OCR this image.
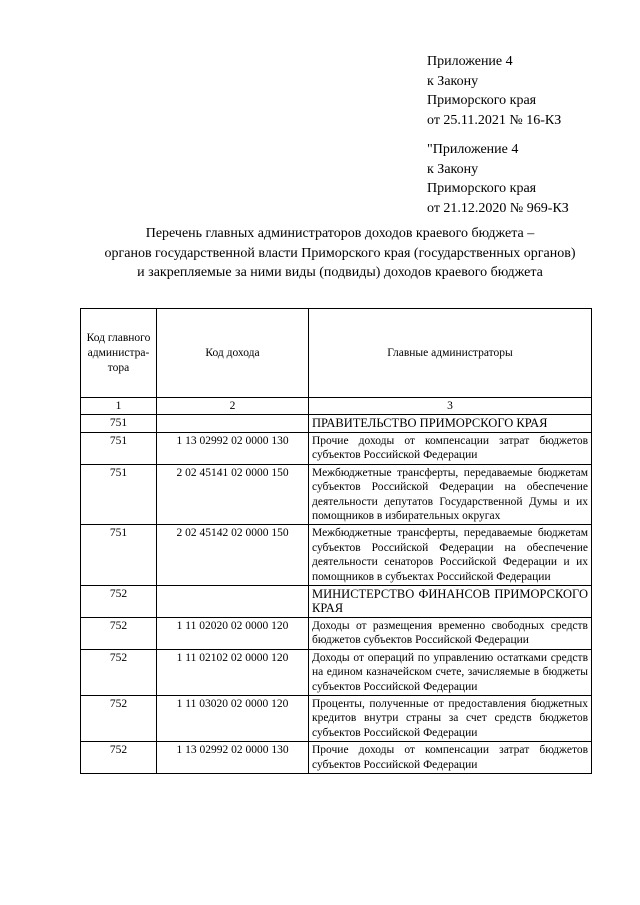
Приложение 4
к Закону
Приморского края
от 25.11.2021 № 16-КЗ
"Приложение 4
к Закону
Приморского края
от 21.12.2020 № 969-КЗ
Перечень главных администраторов доходов краевого бюджета –
органов государственной власти Приморского края (государственных органов)
и закрепляемые за ними виды (подвиды) доходов краевого бюджета
Код главного администра-тора	Код дохода	Главные администраторы
1	2	3
751		ПРАВИТЕЛЬСТВО ПРИМОРСКОГО КРАЯ
751	1 13 02992 02 0000 130	Прочие доходы от компенсации затрат бюджетов субъектов Российской Федерации
751	2 02 45141 02 0000 150	Межбюджетные трансферты, передаваемые бюджетам субъектов Российской Федерации на обеспечение деятельности депутатов Государственной Думы и их помощников в избирательных округах
751	2 02 45142 02 0000 150	Межбюджетные трансферты, передаваемые бюджетам субъектов Российской Федерации на обеспечение деятельности сенаторов Российской Федерации и их помощников в субъектах Российской Федерации
752		МИНИСТЕРСТВО ФИНАНСОВ ПРИМОРСКОГО КРАЯ
752	1 11 02020 02 0000 120	Доходы от размещения временно свободных средств бюджетов субъектов Российской Федерации
752	1 11 02102 02 0000 120	Доходы от операций по управлению остатками средств на едином казначейском счете, зачисляемые в бюджеты субъектов Российской Федерации
752	1 11 03020 02 0000 120	Проценты, полученные от предоставления бюджетных кредитов внутри страны за счет средств бюджетов субъектов Российской Федерации
752	1 13 02992 02 0000 130	Прочие доходы от компенсации затрат бюджетов субъектов Российской Федерации
